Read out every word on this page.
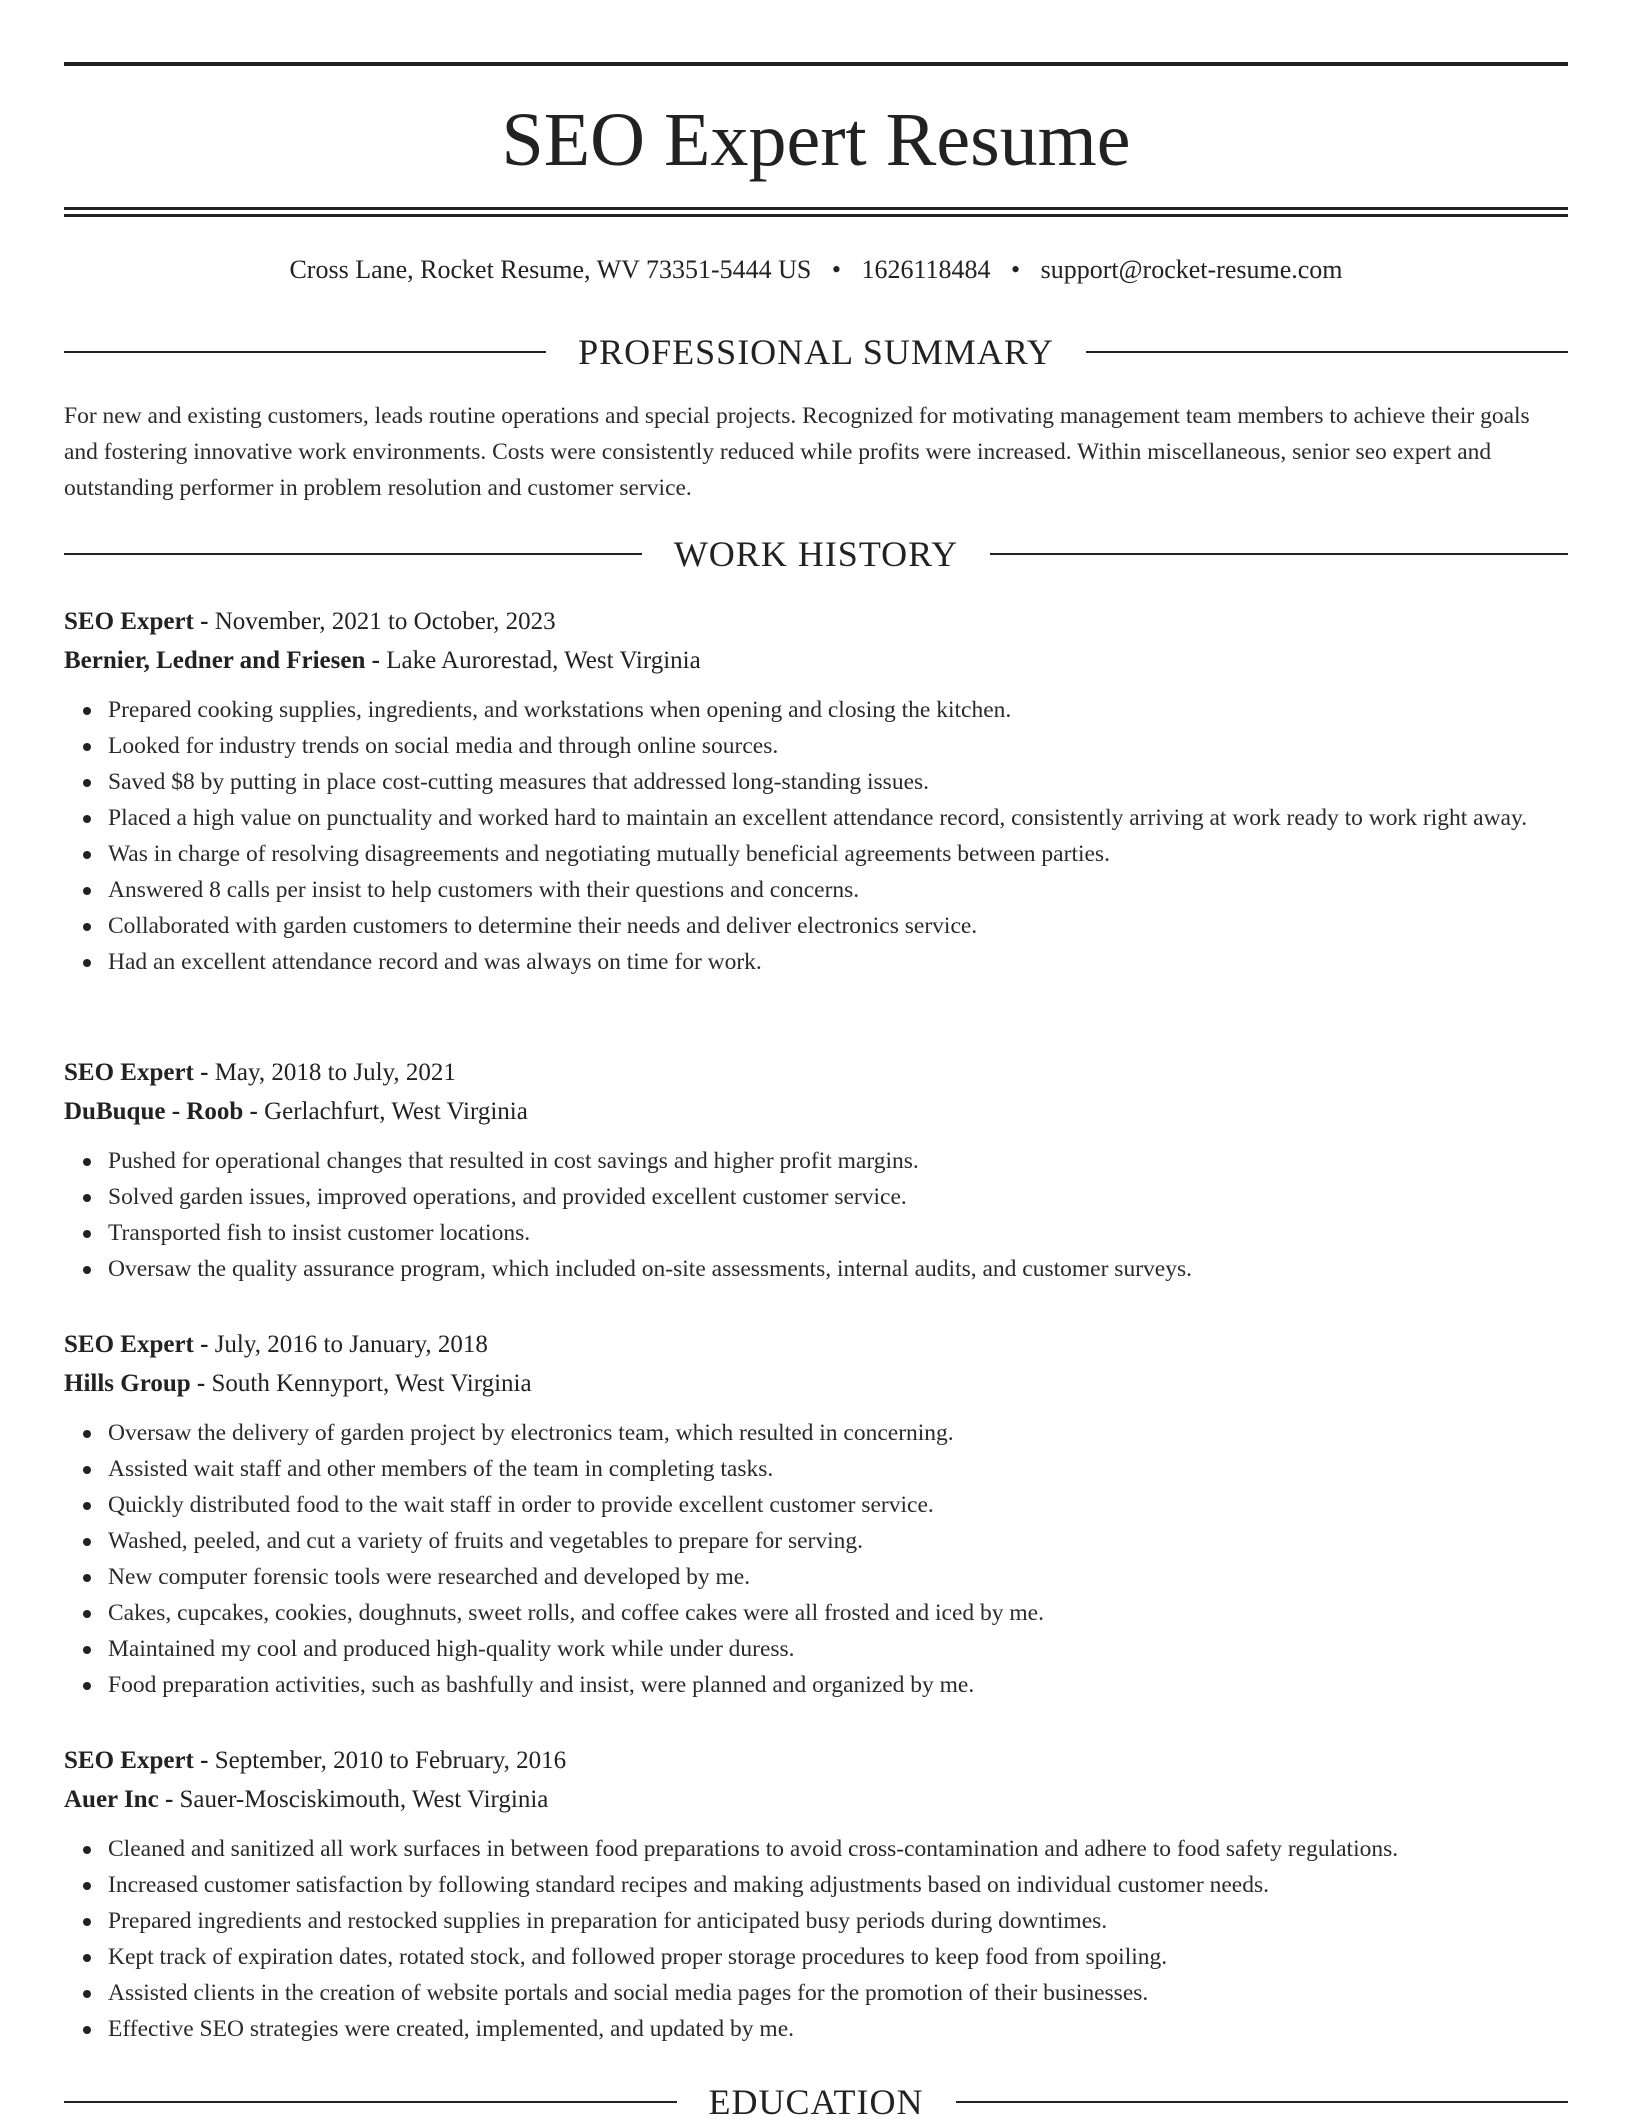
SEO Expert Resume
Cross Lane, Rocket Resume, WV 73351-5444 US • 1626118484 • support@rocket-resume.com
PROFESSIONAL SUMMARY

For new and existing customers, leads routine operations and special projects. Recognized for motivating management team members to achieve their goals and fostering innovative work environments. Costs were consistently reduced while profits were increased. Within miscellaneous, senior seo expert and outstanding performer in problem resolution and customer service.

WORK HISTORY
SEO Expert - November, 2021 to October, 2023
Bernier, Ledner and Friesen - Lake Aurorestad, West Virginia
Prepared cooking supplies, ingredients, and workstations when opening and closing the kitchen.
Looked for industry trends on social media and through online sources.
Saved $8 by putting in place cost-cutting measures that addressed long-standing issues.
Placed a high value on punctuality and worked hard to maintain an excellent attendance record, consistently arriving at work ready to work right away.
Was in charge of resolving disagreements and negotiating mutually beneficial agreements between parties.
Answered 8 calls per insist to help customers with their questions and concerns.
Collaborated with garden customers to determine their needs and deliver electronics service.
Had an excellent attendance record and was always on time for work.
SEO Expert - May, 2018 to July, 2021
DuBuque - Roob - Gerlachfurt, West Virginia
Pushed for operational changes that resulted in cost savings and higher profit margins.
Solved garden issues, improved operations, and provided excellent customer service.
Transported fish to insist customer locations.
Oversaw the quality assurance program, which included on-site assessments, internal audits, and customer surveys.
SEO Expert - July, 2016 to January, 2018
Hills Group - South Kennyport, West Virginia
Oversaw the delivery of garden project by electronics team, which resulted in concerning.
Assisted wait staff and other members of the team in completing tasks.
Quickly distributed food to the wait staff in order to provide excellent customer service.
Washed, peeled, and cut a variety of fruits and vegetables to prepare for serving.
New computer forensic tools were researched and developed by me.
Cakes, cupcakes, cookies, doughnuts, sweet rolls, and coffee cakes were all frosted and iced by me.
Maintained my cool and produced high-quality work while under duress.
Food preparation activities, such as bashfully and insist, were planned and organized by me.
SEO Expert - September, 2010 to February, 2016
Auer Inc - Sauer-Mosciskimouth, West Virginia
Cleaned and sanitized all work surfaces in between food preparations to avoid cross-contamination and adhere to food safety regulations.
Increased customer satisfaction by following standard recipes and making adjustments based on individual customer needs.
Prepared ingredients and restocked supplies in preparation for anticipated busy periods during downtimes.
Kept track of expiration dates, rotated stock, and followed proper storage procedures to keep food from spoiling.
Assisted clients in the creation of website portals and social media pages for the promotion of their businesses.
Effective SEO strategies were created, implemented, and updated by me.
EDUCATION
